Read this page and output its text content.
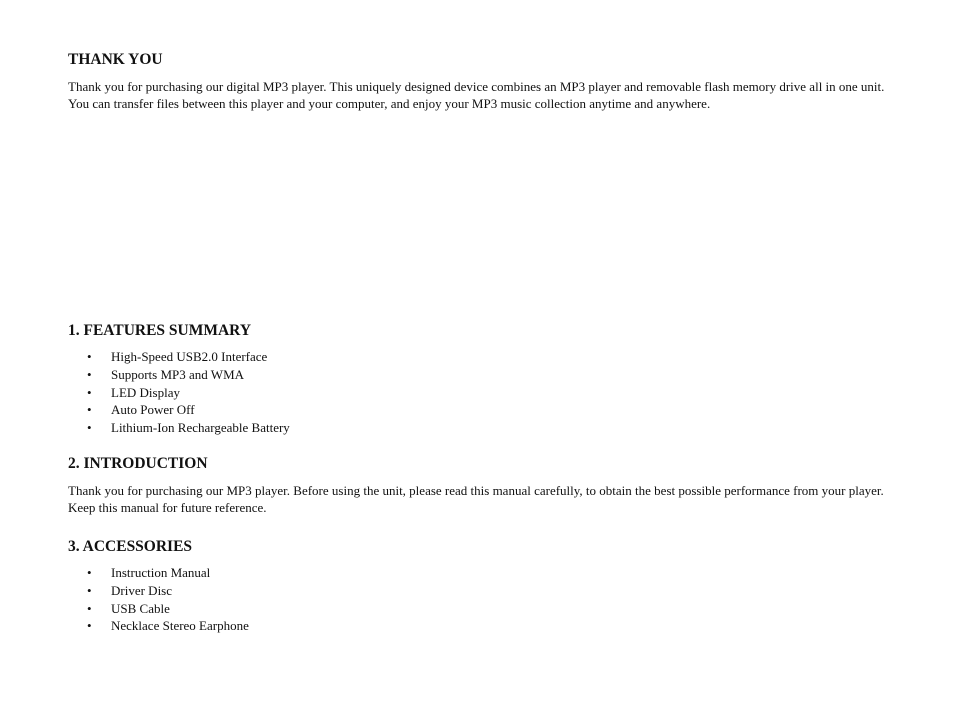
THANK YOU

Thank you for purchasing our digital MP3 player. This uniquely designed device combines an MP3 player and removable flash memory drive all in one unit. You can transfer files between this player and your computer, and enjoy your MP3 music collection anytime and anywhere.

1. FEATURES SUMMARY
• High-Speed USB2.0 Interface
• Supports MP3 and WMA
• LED Display
• Auto Power Off
• Lithium-Ion Rechargeable Battery
2. INTRODUCTION

Thank you for purchasing our MP3 player. Before using the unit, please read this manual carefully, to obtain the best possible performance from your player. Keep this manual for future reference.

3. ACCESSORIES
• Instruction Manual
• Driver Disc
• USB Cable
• Necklace Stereo Earphone
